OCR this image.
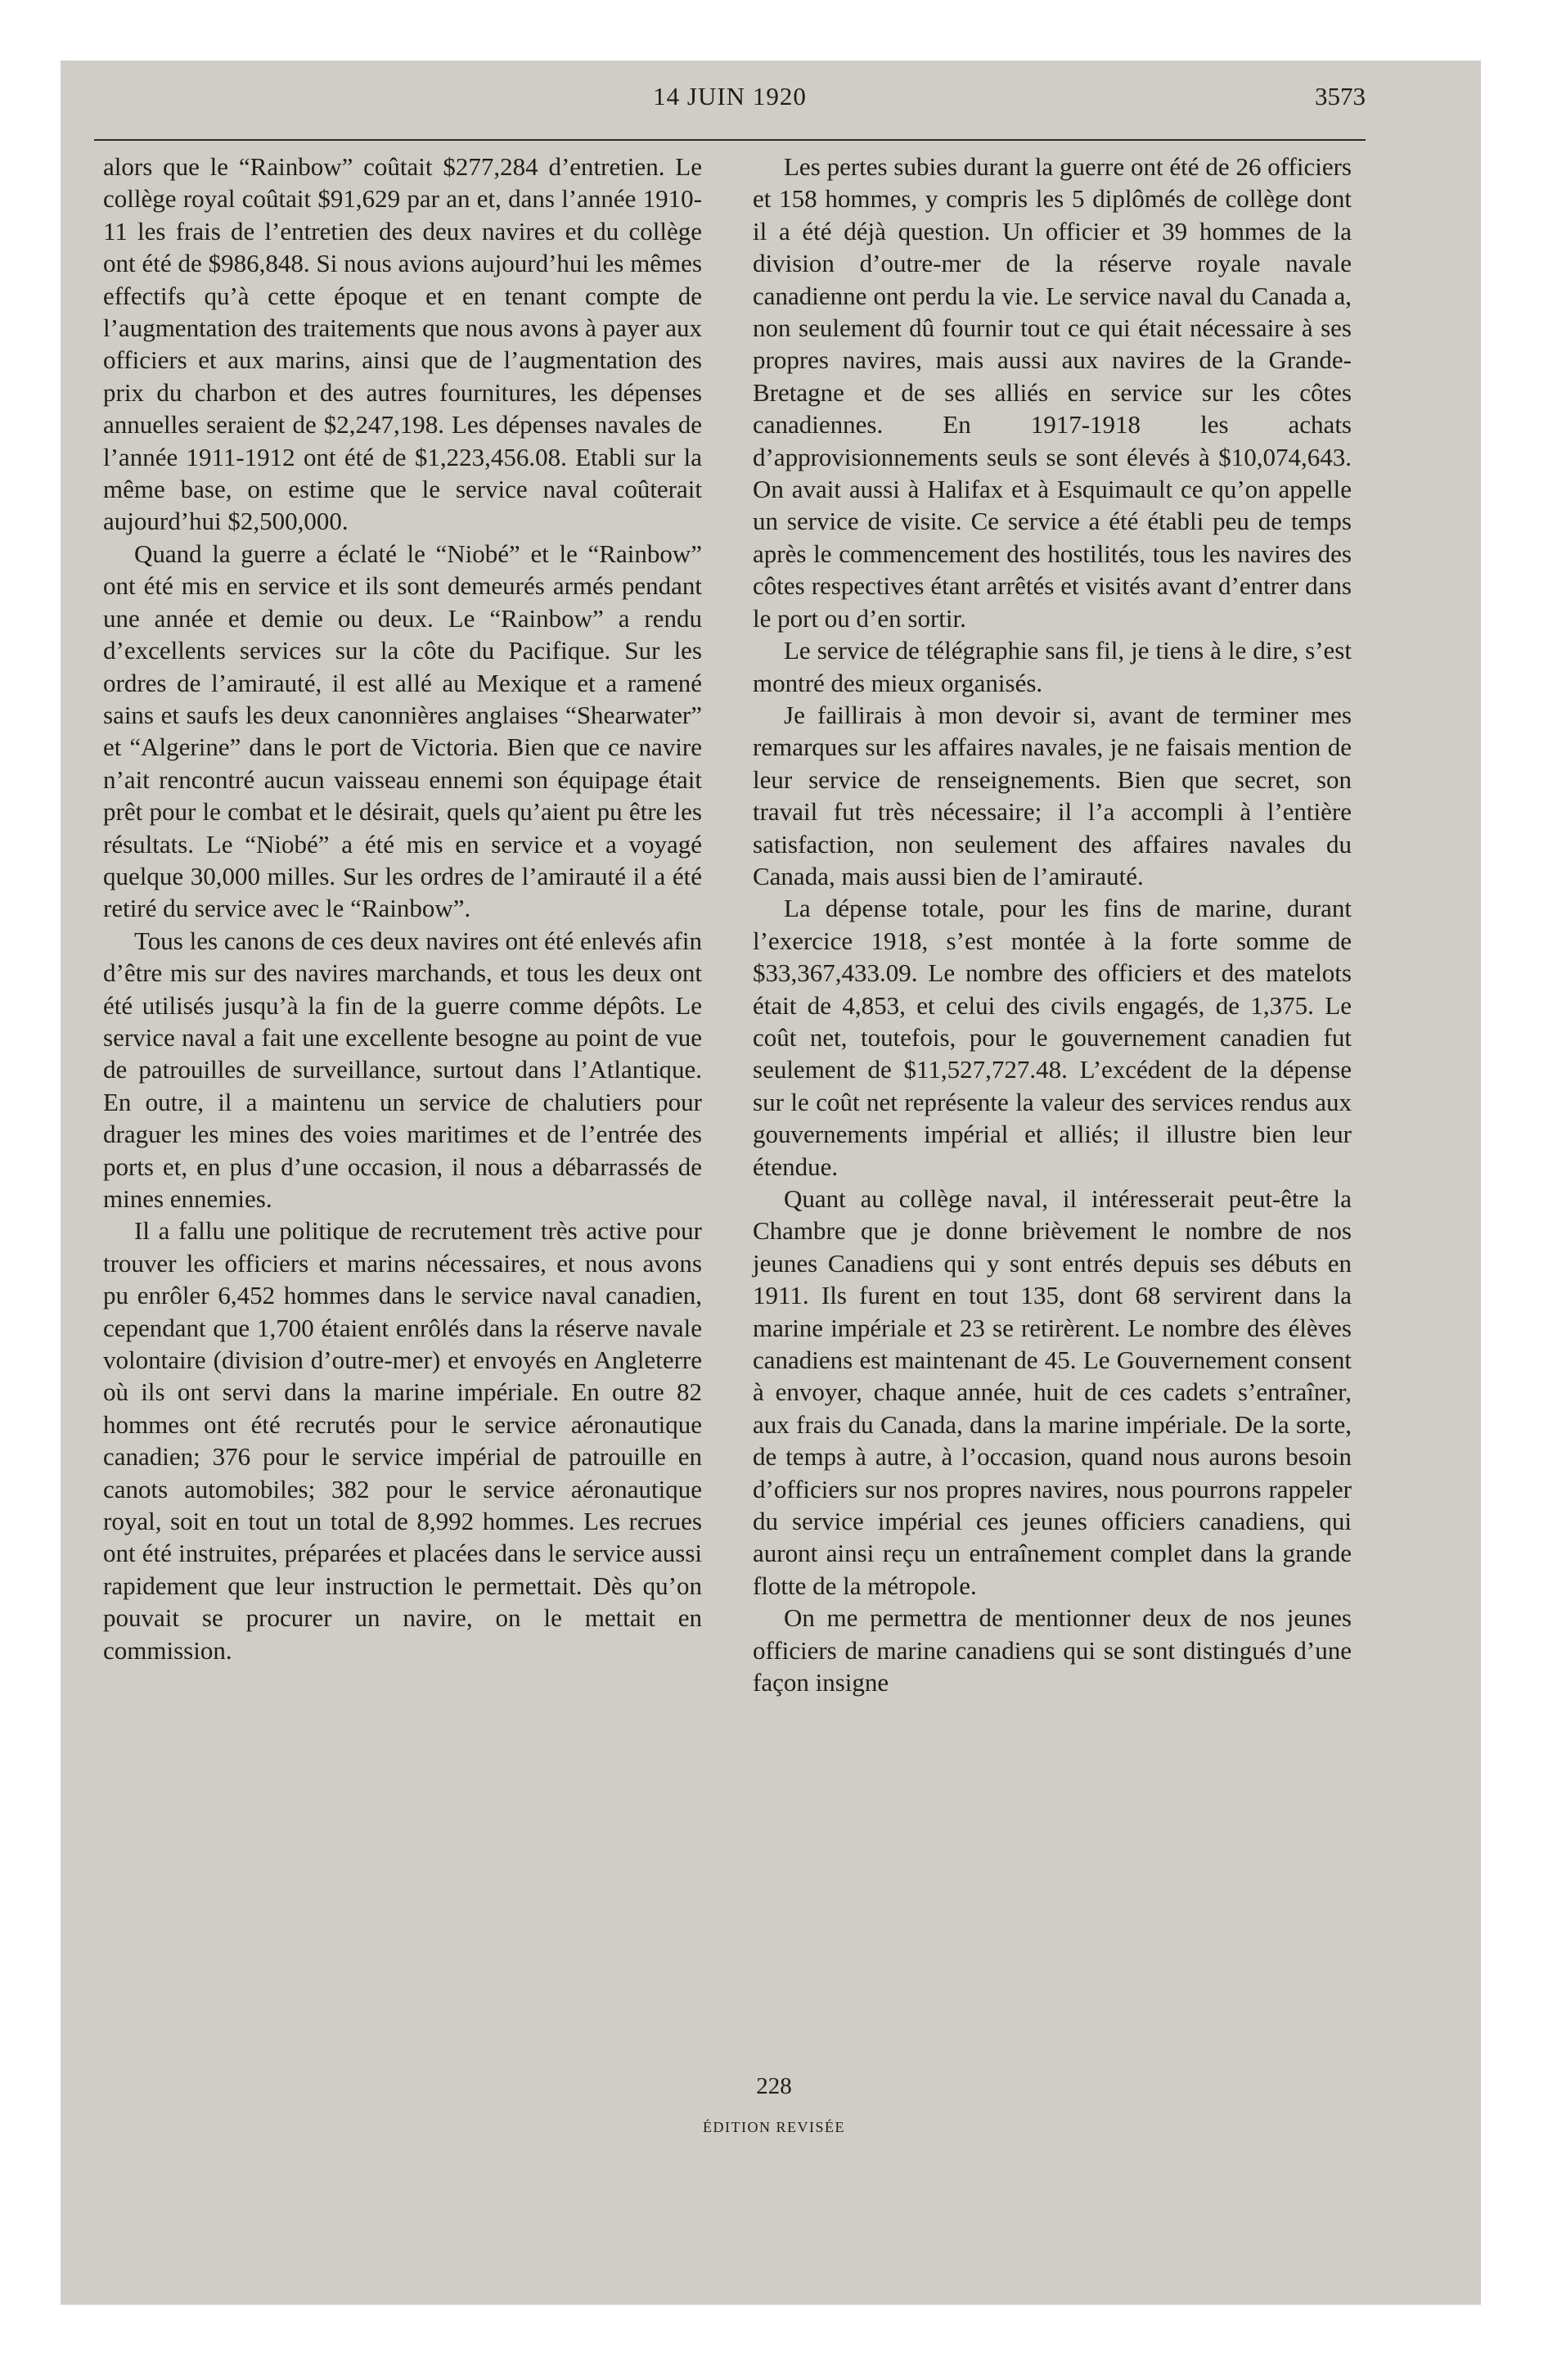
14 JUIN 1920	3573

alors que le “Rainbow” coûtait $277,284 d’entretien. Le collège royal coûtait $91,629 par an et, dans l’année 1910-11 les frais de l’entretien des deux navires et du collège ont été de $986,848. Si nous avions aujourd’hui les mêmes effectifs qu’à cette époque et en tenant compte de l’augmentation des traitements que nous avons à payer aux officiers et aux marins, ainsi que de l’augmentation des prix du charbon et des autres fournitures, les dépenses annuelles seraient de $2,247,198. Les dépenses navales de l’année 1911-1912 ont été de $1,223,456.08. Etabli sur la même base, on estime que le service naval coûterait aujourd’hui $2,500,000.

Quand la guerre a éclaté le “Niobé” et le “Rainbow” ont été mis en service et ils sont demeurés armés pendant une année et demie ou deux. Le “Rainbow” a rendu d’excellents services sur la côte du Pacifique. Sur les ordres de l’amirauté, il est allé au Mexique et a ramené sains et saufs les deux canonnières anglaises “Shearwater” et “Algerine” dans le port de Victoria. Bien que ce navire n’ait rencontré aucun vaisseau ennemi son équipage était prêt pour le combat et le désirait, quels qu’aient pu être les résultats. Le “Niobé” a été mis en service et a voyagé quelque 30,000 milles. Sur les ordres de l’amirauté il a été retiré du service avec le “Rainbow”.

Tous les canons de ces deux navires ont été enlevés afin d’être mis sur des navires marchands, et tous les deux ont été utilisés jusqu’à la fin de la guerre comme dépôts. Le service naval a fait une excellente besogne au point de vue de patrouilles de surveillance, surtout dans l’Atlantique. En outre, il a maintenu un service de chalutiers pour draguer les mines des voies maritimes et de l’entrée des ports et, en plus d’une occasion, il nous a débarrassés de mines ennemies.

Il a fallu une politique de recrutement très active pour trouver les officiers et marins nécessaires, et nous avons pu enrôler 6,452 hommes dans le service naval canadien, cependant que 1,700 étaient enrôlés dans la réserve navale volontaire (division d’outre-mer) et envoyés en Angleterre où ils ont servi dans la marine impériale. En outre 82 hommes ont été recrutés pour le service aéronautique canadien; 376 pour le service impérial de patrouille en canots automobiles; 382 pour le service aéronautique royal, soit en tout un total de 8,992 hommes. Les recrues ont été instruites, préparées et placées dans le service aussi rapidement que leur instruction le permettait. Dès qu’on pouvait se procurer un navire, on le mettait en commission.

Les pertes subies durant la guerre ont été de 26 officiers et 158 hommes, y compris les 5 diplômés de collège dont il a été déjà question. Un officier et 39 hommes de la division d’outre-mer de la réserve royale navale canadienne ont perdu la vie. Le service naval du Canada a, non seulement dû fournir tout ce qui était nécessaire à ses propres navires, mais aussi aux navires de la Grande-Bretagne et de ses alliés en service sur les côtes canadiennes. En 1917-1918 les achats d’approvisionnements seuls se sont élevés à $10,074,643. On avait aussi à Halifax et à Esquimault ce qu’on appelle un service de visite. Ce service a été établi peu de temps après le commencement des hostilités, tous les navires des côtes respectives étant arrêtés et visités avant d’entrer dans le port ou d’en sortir.

Le service de télégraphie sans fil, je tiens à le dire, s’est montré des mieux organisés.

Je faillirais à mon devoir si, avant de terminer mes remarques sur les affaires navales, je ne faisais mention de leur service de renseignements. Bien que secret, son travail fut très nécessaire; il l’a accompli à l’entière satisfaction, non seulement des affaires navales du Canada, mais aussi bien de l’amirauté.

La dépense totale, pour les fins de marine, durant l’exercice 1918, s’est montée à la forte somme de $33,367,433.09. Le nombre des officiers et des matelots était de 4,853, et celui des civils engagés, de 1,375. Le coût net, toutefois, pour le gouvernement canadien fut seulement de $11,527,727.48. L’excédent de la dépense sur le coût net représente la valeur des services rendus aux gouvernements impérial et alliés; il illustre bien leur étendue.

Quant au collège naval, il intéresserait peut-être la Chambre que je donne brièvement le nombre de nos jeunes Canadiens qui y sont entrés depuis ses débuts en 1911. Ils furent en tout 135, dont 68 servirent dans la marine impériale et 23 se retirèrent. Le nombre des élèves canadiens est maintenant de 45. Le Gouvernement consent à envoyer, chaque année, huit de ces cadets s’entraîner, aux frais du Canada, dans la marine impériale. De la sorte, de temps à autre, à l’occasion, quand nous aurons besoin d’officiers sur nos propres navires, nous pourrons rappeler du service impérial ces jeunes officiers canadiens, qui auront ainsi reçu un entraînement complet dans la grande flotte de la métropole.

On me permettra de mentionner deux de nos jeunes officiers de marine canadiens qui se sont distingués d’une façon insigne

228
ÉDITION REVISÉE
